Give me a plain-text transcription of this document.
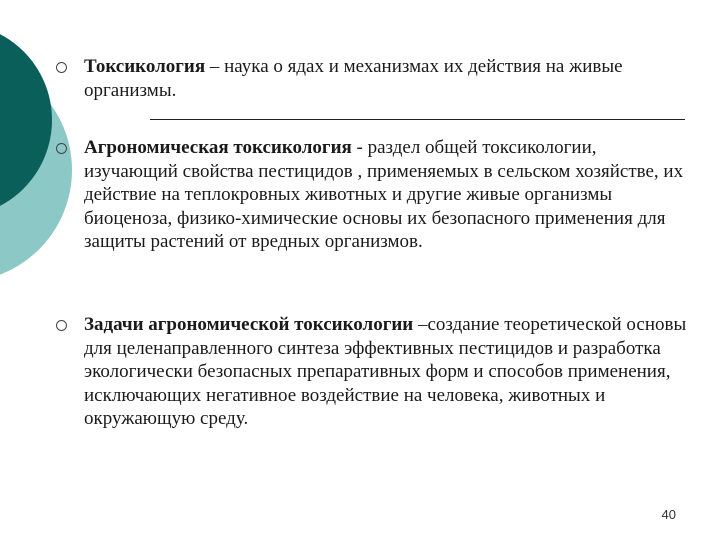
Токсикология – наука о ядах и механизмах их действия на живые организмы.

Агрономическая токсикология - раздел общей токсикологии, изучающий свойства пестицидов , применяемых в сельском хозяйстве, их действие на теплокровных животных и другие живые организмы биоценоза, физико-химические основы их безопасного применения для защиты растений от вредных организмов.

Задачи агрономической токсикологии –создание теоретической основы для целенаправленного синтеза эффективных пестицидов и разработка экологически безопасных препаративных форм и способов применения, исключающих негативное воздействие на человека, животных и окружающую среду.

40
